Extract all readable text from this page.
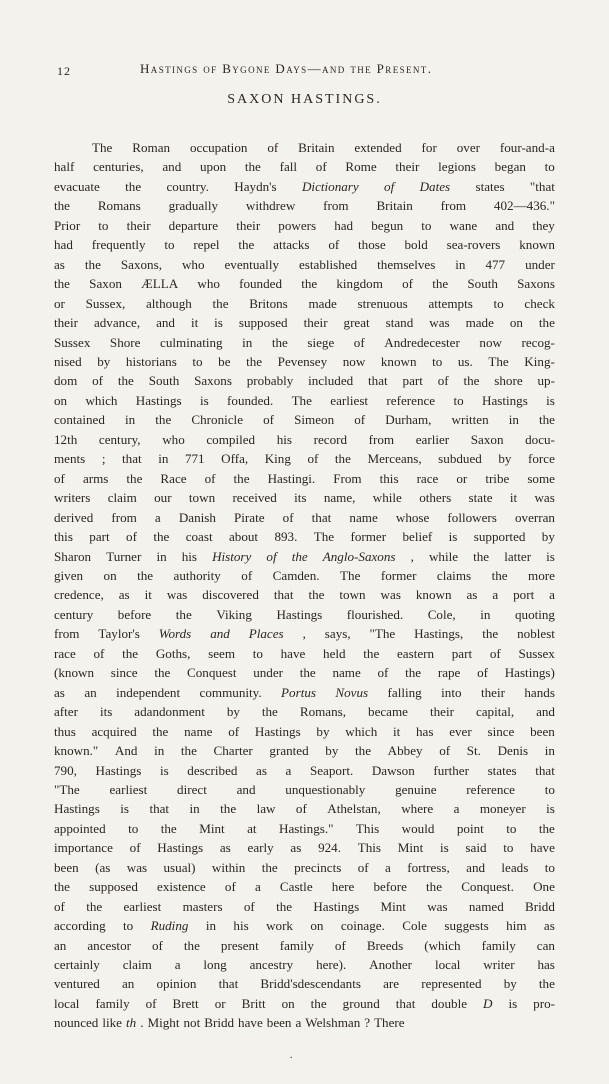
12	Hastings of Bygone Days—and the Present.
SAXON HASTINGS.
The Roman occupation of Britain extended for over four-and-a
half centuries, and upon the fall of Rome their legions began to
evacuate the country. Haydn's Dictionary of Dates states "that
the Romans gradually withdrew from Britain from 402—436."
Prior to their departure their powers had begun to wane and they
had frequently to repel the attacks of those bold sea-rovers known
as the Saxons, who eventually established themselves in 477 under
the Saxon ÆLLA who founded the kingdom of the South Saxons
or Sussex, although the Britons made strenuous attempts to check
their advance, and it is supposed their great stand was made on the
Sussex Shore culminating in the siege of Andredecester now recog-
nised by historians to be the Pevensey now known to us. The King-
dom of the South Saxons probably included that part of the shore up-
on which Hastings is founded. The earliest reference to Hastings is
contained in the Chronicle of Simeon of Durham, written in the
12th century, who compiled his record from earlier Saxon docu-
ments ; that in 771 Offa, King of the Merceans, subdued by force
of arms the Race of the Hastingi. From this race or tribe some
writers claim our town received its name, while others state it was
derived from a Danish Pirate of that name whose followers overran
this part of the coast about 893. The former belief is supported by
Sharon Turner in his History of the Anglo-Saxons , while the latter is
given on the authority of Camden. The former claims the more
credence, as it was discovered that the town was known as a port a
century before the Viking Hastings flourished. Cole, in quoting
from Taylor's Words and Places , says, "The Hastings, the noblest
race of the Goths, seem to have held the eastern part of Sussex
(known since the Conquest under the name of the rape of Hastings)
as an independent community. Portus Novus falling into their hands
after its adandonment by the Romans, became their capital, and
thus acquired the name of Hastings by which it has ever since been
known." And in the Charter granted by the Abbey of St. Denis in
790, Hastings is described as a Seaport. Dawson further states that
"The earliest direct and unquestionably genuine reference to
Hastings is that in the law of Athelstan, where a moneyer is
appointed to the Mint at Hastings." This would point to the
importance of Hastings as early as 924. This Mint is said to have
been (as was usual) within the precincts of a fortress, and leads to
the supposed existence of a Castle here before the Conquest. One
of the earliest masters of the Hastings Mint was named Bridd
according to Ruding in his work on coinage. Cole suggests him as
an ancestor of the present family of Breeds (which family can
certainly claim a long ancestry here). Another local writer has
ventured an opinion that Bridd'sdescendants are represented by the
local family of Brett or Britt on the ground that double D is pro-
nounced like th . Might not Bridd have been a Welshman ? There
.
